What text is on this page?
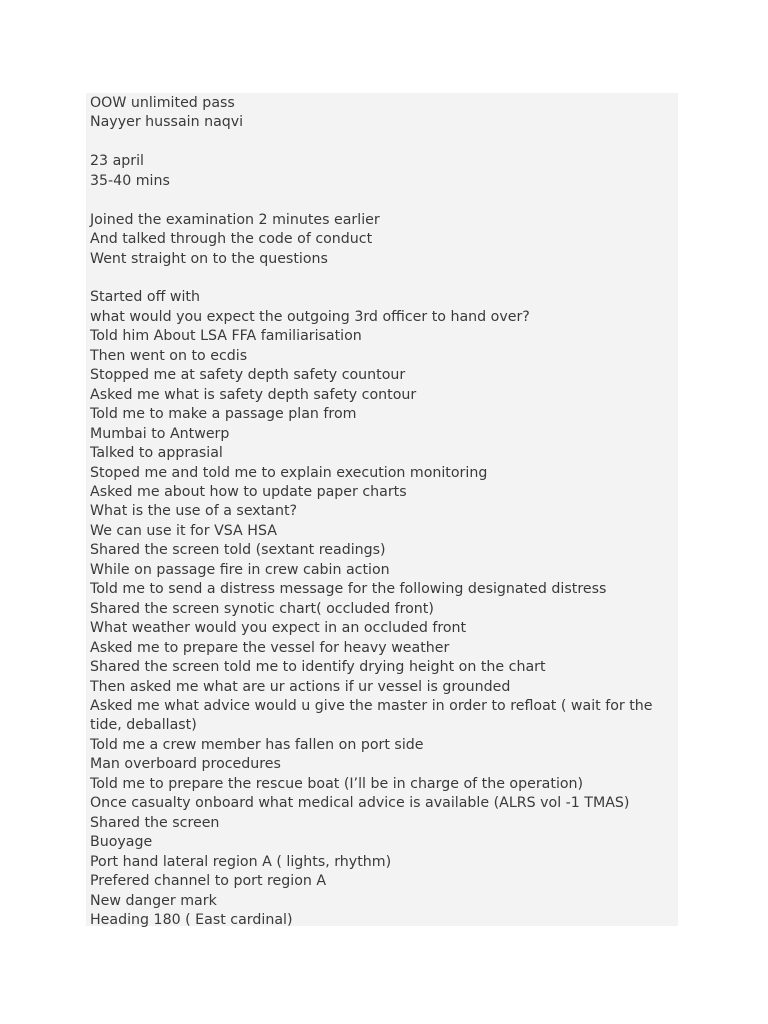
OOW unlimited pass
Nayyer hussain naqvi
23 april
35-40 mins
Joined the examination 2 minutes earlier
And talked through the code of conduct
Went straight on to the questions
Started off with
what would you expect the outgoing 3rd officer to hand over?
Told him About LSA FFA familiarisation
Then went on to ecdis
Stopped me at safety depth safety countour
Asked me what is safety depth safety contour
Told me to make a passage plan from
Mumbai to Antwerp
Talked to apprasial
Stoped me and told me to explain execution monitoring
Asked me about how to update paper charts
What is the use of a sextant?
We can use it for VSA HSA
Shared the screen told (sextant readings)
While on passage fire in crew cabin action
Told me to send a distress message for the following designated distress
Shared the screen synotic chart( occluded front)
What weather would you expect in an occluded front
Asked me to prepare the vessel for heavy weather
Shared the screen told me to identify drying height on the chart
Then asked me what are ur actions if ur vessel is grounded
Asked me what advice would u give the master in order to refloat ( wait for the tide, deballast)
Told me a crew member has fallen on port side
Man overboard procedures
Told me to prepare the rescue boat (I’ll be in charge of the operation)
Once casualty onboard what medical advice is available (ALRS vol -1 TMAS)
Shared the screen
Buoyage
Port hand lateral region A ( lights, rhythm)
Prefered channel to port region A
New danger mark
Heading 180 ( East cardinal)
